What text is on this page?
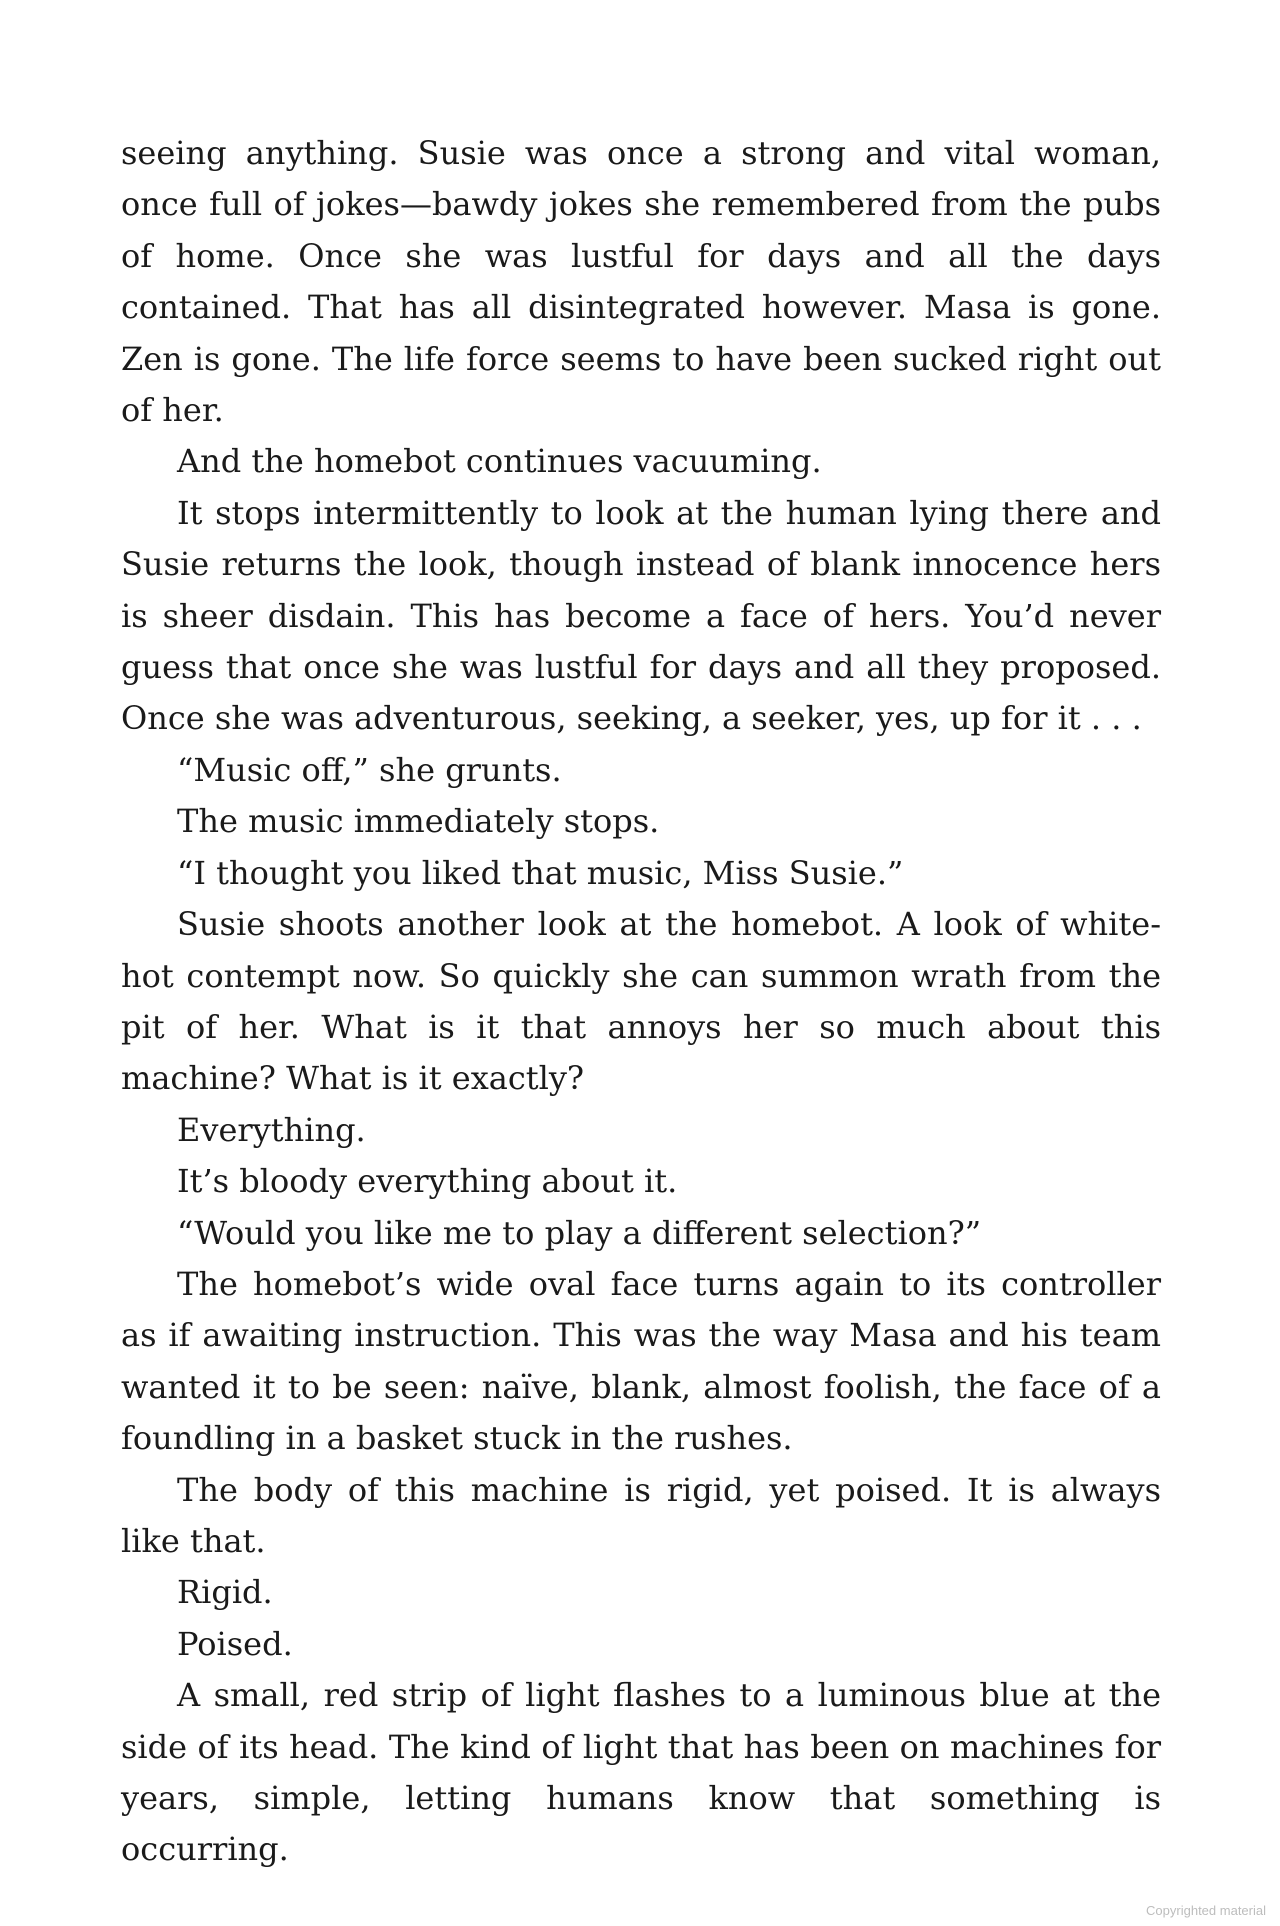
seeing anything. Susie was once a strong and vital woman, once full of jokes—bawdy jokes she remembered from the pubs of home. Once she was lustful for days and all the days contained. That has all disintegrated however. Masa is gone. Zen is gone. The life force seems to have been sucked right out of her.

And the homebot continues vacuuming.

It stops intermittently to look at the human lying there and Susie returns the look, though instead of blank innocence hers is sheer disdain. This has become a face of hers. You’d never guess that once she was lustful for days and all they proposed. Once she was adventurous, seeking, a seeker, yes, up for it . . .

“Music off,” she grunts.

The music immediately stops.

“I thought you liked that music, Miss Susie.”

Susie shoots another look at the homebot. A look of white-hot contempt now. So quickly she can summon wrath from the pit of her. What is it that annoys her so much about this machine? What is it exactly?

Everything.

It’s bloody everything about it.

“Would you like me to play a different selection?”

The homebot’s wide oval face turns again to its controller as if awaiting instruction. This was the way Masa and his team wanted it to be seen: naïve, blank, almost foolish, the face of a foundling in a basket stuck in the rushes.

The body of this machine is rigid, yet poised. It is always like that.

Rigid.

Poised.

A small, red strip of light flashes to a luminous blue at the side of its head. The kind of light that has been on machines for years, simple, letting humans know that something is occurring.

Copyrighted material
